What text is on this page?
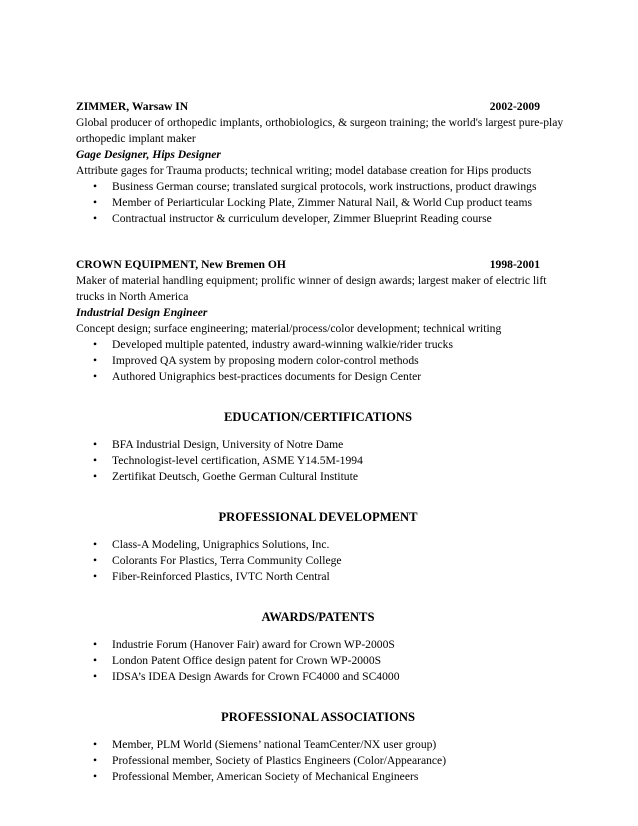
ZIMMER, Warsaw IN	2002-2009
Global producer of orthopedic implants, orthobiologics, & surgeon training; the world's largest pure-play
orthopedic implant maker
Gage Designer, Hips Designer
Attribute gages for Trauma products; technical writing; model database creation for Hips products
• Business German course; translated surgical protocols, work instructions, product drawings
• Member of Periarticular Locking Plate, Zimmer Natural Nail, & World Cup product teams
• Contractual instructor & curriculum developer, Zimmer Blueprint Reading course
CROWN EQUIPMENT, New Bremen OH	1998-2001
Maker of material handling equipment; prolific winner of design awards; largest maker of electric lift
trucks in North America
Industrial Design Engineer
Concept design; surface engineering; material/process/color development; technical writing
• Developed multiple patented, industry award-winning walkie/rider trucks
• Improved QA system by proposing modern color-control methods
• Authored Unigraphics best-practices documents for Design Center
EDUCATION/CERTIFICATIONS
• BFA Industrial Design, University of Notre Dame
• Technologist-level certification, ASME Y14.5M-1994
• Zertifikat Deutsch, Goethe German Cultural Institute
PROFESSIONAL DEVELOPMENT
• Class-A Modeling, Unigraphics Solutions, Inc.
• Colorants For Plastics, Terra Community College
• Fiber-Reinforced Plastics, IVTC North Central
AWARDS/PATENTS
• Industrie Forum (Hanover Fair) award for Crown WP-2000S
• London Patent Office design patent for Crown WP-2000S
• IDSA’s IDEA Design Awards for Crown FC4000 and SC4000
PROFESSIONAL ASSOCIATIONS
• Member, PLM World (Siemens’ national TeamCenter/NX user group)
• Professional member, Society of Plastics Engineers (Color/Appearance)
• Professional Member, American Society of Mechanical Engineers
